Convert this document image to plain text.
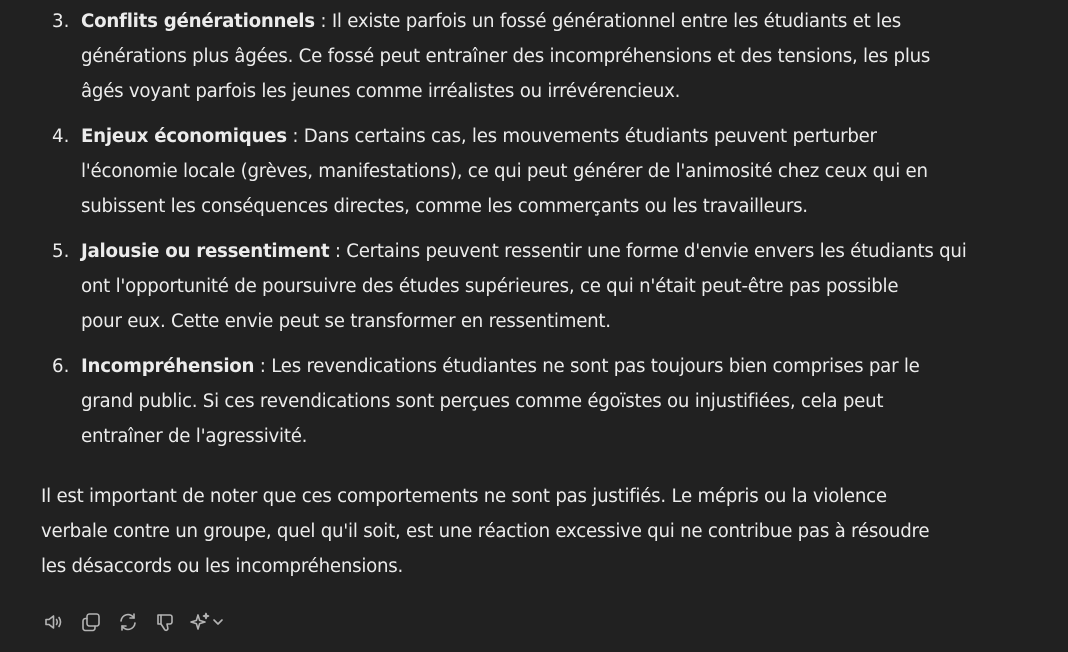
3. Conflits générationnels : Il existe parfois un fossé générationnel entre les étudiants et les
générations plus âgées. Ce fossé peut entraîner des incompréhensions et des tensions, les plus
âgés voyant parfois les jeunes comme irréalistes ou irrévérencieux.
4. Enjeux économiques : Dans certains cas, les mouvements étudiants peuvent perturber
l'économie locale (grèves, manifestations), ce qui peut générer de l'animosité chez ceux qui en
subissent les conséquences directes, comme les commerçants ou les travailleurs.
5. Jalousie ou ressentiment : Certains peuvent ressentir une forme d'envie envers les étudiants qui
ont l'opportunité de poursuivre des études supérieures, ce qui n'était peut-être pas possible
pour eux. Cette envie peut se transformer en ressentiment.
6. Incompréhension : Les revendications étudiantes ne sont pas toujours bien comprises par le
grand public. Si ces revendications sont perçues comme égoïstes ou injustifiées, cela peut
entraîner de l'agressivité.
Il est important de noter que ces comportements ne sont pas justifiés. Le mépris ou la violence
verbale contre un groupe, quel qu'il soit, est une réaction excessive qui ne contribue pas à résoudre
les désaccords ou les incompréhensions.
